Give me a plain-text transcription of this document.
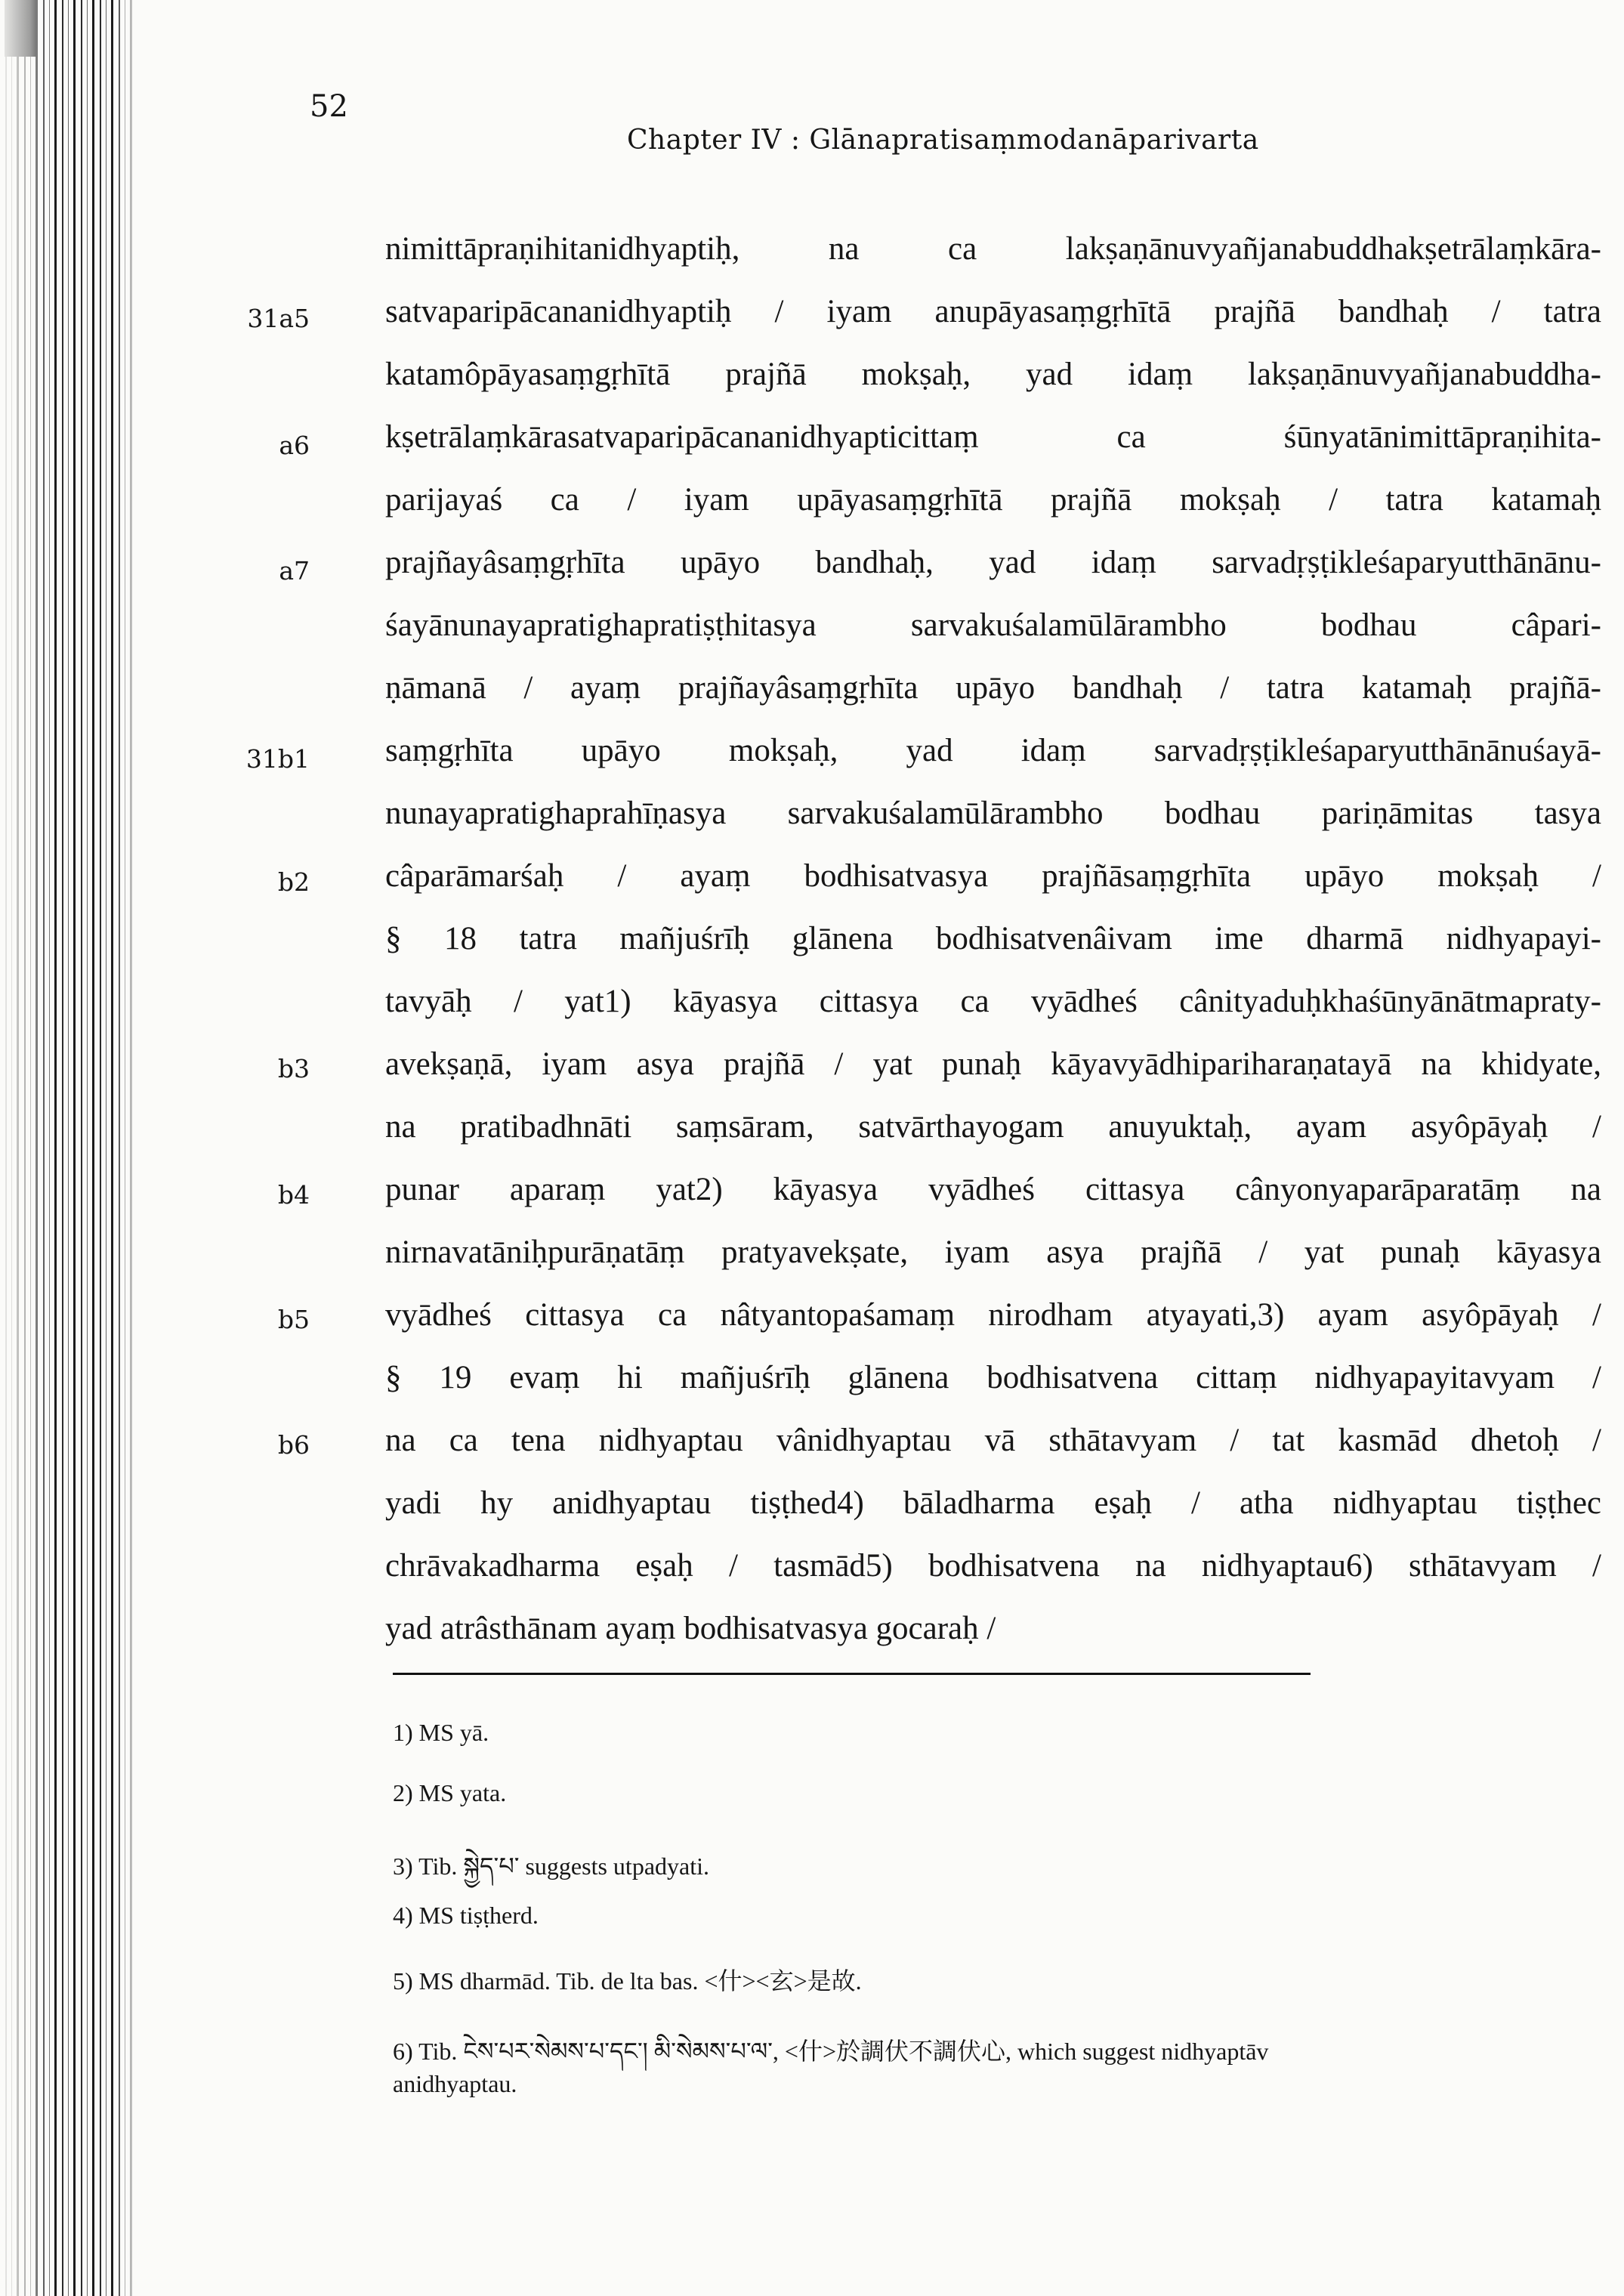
52
Chapter IV : Glānapratisaṃmodanāparivarta
31a5
a6
a7
31b1
b2
b3
b4
b5
b6
nimittāpraṇihitanidhyaptiḥ, na ca lakṣaṇānuvyañjanabuddhakṣetrālaṃkāra-
satvaparipācananidhyaptiḥ / iyam anupāyasaṃgṛhītā prajñā bandhaḥ / tatra
katamôpāyasaṃgṛhītā prajñā mokṣaḥ, yad idaṃ lakṣaṇānuvyañjanabuddha-
kṣetrālaṃkārasatvaparipācananidhyapticittaṃ ca śūnyatānimittāpraṇihita-
parijayaś ca / iyam upāyasaṃgṛhītā prajñā mokṣaḥ / tatra katamaḥ
prajñayâsaṃgṛhīta upāyo bandhaḥ, yad idaṃ sarvadṛṣṭikleśaparyutthānānu-
śayānunayapratighapratiṣṭhitasya sarvakuśalamūlārambho bodhau câpari-
ṇāmanā / ayaṃ prajñayâsaṃgṛhīta upāyo bandhaḥ / tatra katamaḥ prajñā-
saṃgṛhīta upāyo mokṣaḥ, yad idaṃ sarvadṛṣṭikleśaparyutthānānuśayā-
nunayapratighaprahīṇasya sarvakuśalamūlārambho bodhau pariṇāmitas tasya
câparāmarśaḥ / ayaṃ bodhisatvasya prajñāsaṃgṛhīta upāyo mokṣaḥ /
§ 18 tatra mañjuśrīḥ glānena bodhisatvenâivam ime dharmā nidhyapayi-
tavyāḥ / yat1) kāyasya cittasya ca vyādheś cânityaduḥkhaśūnyānātmapraty-
avekṣaṇā, iyam asya prajñā / yat punaḥ kāyavyādhipariharaṇatayā na khidyate,
na pratibadhnāti saṃsāram, satvārthayogam anuyuktaḥ, ayam asyôpāyaḥ /
punar aparaṃ yat2) kāyasya vyādheś cittasya cânyonyaparāparatāṃ na
nirnavatāniḥpurāṇatāṃ pratyavekṣate, iyam asya prajñā / yat punaḥ kāyasya
vyādheś cittasya ca nâtyantopaśamaṃ nirodham atyayati,3) ayam asyôpāyaḥ /
§ 19 evaṃ hi mañjuśrīḥ glānena bodhisatvena cittaṃ nidhyapayitavyam /
na ca tena nidhyaptau vânidhyaptau vā sthātavyam / tat kasmād dhetoḥ /
yadi hy anidhyaptau tiṣṭhed4) bāladharma eṣaḥ / atha nidhyaptau tiṣṭhec
chrāvakadharma eṣaḥ / tasmād5) bodhisatvena na nidhyaptau6) sthātavyam /
yad atrâsthānam ayaṃ bodhisatvasya gocaraḥ /
1) MS yā.
2) MS yata.
3) Tib. སྐྱེད་པ་ suggests utpadyati.
4) MS tiṣṭherd.
5) MS dharmād. Tib. de lta bas. <什><玄>是故.
6) Tib. ངེས་པར་སེམས་པ་དང་། མི་སེམས་པ་ལ་, <什>於調伏不調伏心, which suggest nidhyaptāv
anidhyaptau.
